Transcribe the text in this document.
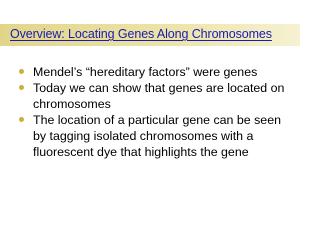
Overview: Locating Genes Along Chromosomes
Mendel’s “hereditary factors” were genes
Today we can show that genes are located on chromosomes
The location of a particular gene can be seen by tagging isolated chromosomes with a fluorescent dye that highlights the gene
